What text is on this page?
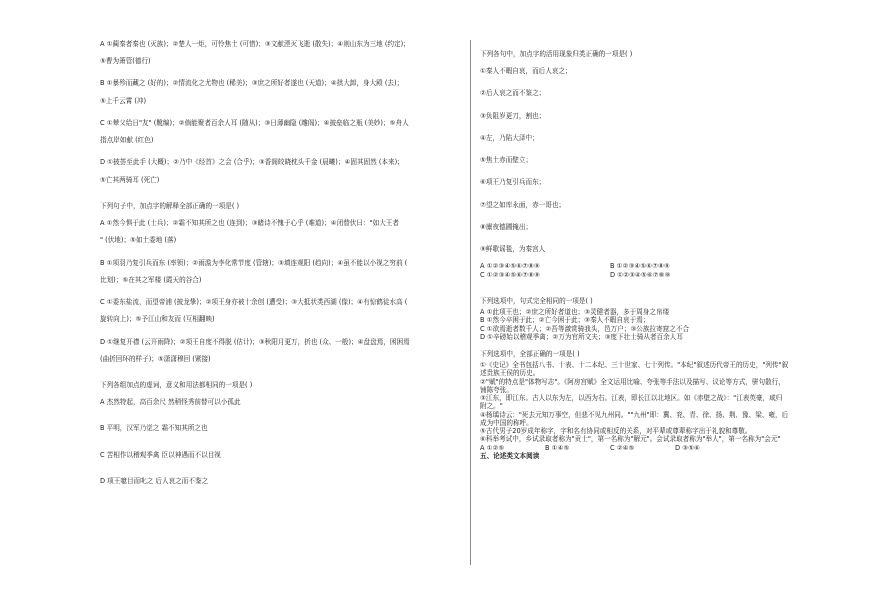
A ①蔺秦者秦也 (灭族)；②楚人一炬，可怜焦土 (可惜)；③文献湮灭飞逝 (散失)；④则山东为三地 (约定)；

⑤曹为箫管(德行)

B ①暴殄而藏之 (好的)；②情流化之尤物也 (稀美)；③庶之所好者遂也 (天道)；④拱大卸，身大殿 (去)；

⑤上千云霄 (冲)

C ①辇父给日"友" (靴编)；②倘能聚者百余人耳 (随从)；③日薄幽隐 (雕阁)；④披垒临之瓶 (美妙)；⑤舟人

指点岸如献 (红色)

D ①披荟至此手 (大概)；②乃中《经首》之会 (合乎)；③香阁皎晓枕头千金 (晨曦)；④固其固然 (本来)；

⑤亡其两骑耳 (死亡)

下列句子中，加点字的解释全部正确的一项是( )

A ①然今惧于此 (士兵)；②霜不知其所之也 (连到)；③睹诗不愧于心乎 (难道)；④闭替伏曰："如大王者

" (伏地)；⑤如土委地 (落)

B ①项羽乃复引兵而东 (率领)；②雨澹为李化常节度 (管辖)；③填连观阳 (趋向)；④虽不能以小视之穷前 (

比划)；⑤在其之军楼 (霞天的谷合)

C ①委东盐流，而望帝浦 (披龙挚)；②项王身亦被十余创 (遭受)；③大抵状类西湖 (像)；④有惊鹤徒水高 (

旋转向上)；⑤予江山和友而 (互相翻映)

D ①继复开襟 (云开雨降)；②项王自度不得脱 (估计)；③秋阳月更万，折也 (众、一般)；④盘盘焉，困困焉

(曲折回环的样子)；⑤潇潇穆回 (紧接)

下列各组加点的虚词，意义和用法都相同的一项是( )

A 杰然特起，高百余尺 然稍怪秀前替可以小孤此

B 平明，汉军乃觉之 霜不知其所之也

C 苦相作以稽观季禽 臣以神遇而不以目视

D 项王噫目而叱之 后人哀之而不鉴之

下列各句中，加点字的活用现象归类正确的一项是( )

①秦人不暇自哀，而后人哀之；

②后人哀之而不鉴之；

③负阻岁更刀，割也；

④左，乃陷大泽中；

⑤焦土赤而壁立；

⑥项王乃复引兵而东；

⑦望之如库永面，赤一哥也；

⑧廪夜德圃掩出；

⑨鲜歌谣毯，为秦宫人

A ①②③④⑤⑥⑦⑧⑨	B ①②③④⑤⑥⑦⑧⑨
C ①②③④⑤⑥⑦⑧⑨	D ①②③④⑤⑥⑦⑧⑨

下列选项中，句式完全相同的一项是( )

A ①此项王也；②庶之所好者道也；③灵健者器，多于周身之帛缕

B ①然今卒困于此；②亡今困于此；③秦人不暇自哀于焉；

C ①欲焉逝者数千人；②吾等激赏骑我头，邑万户；③公族拉寄窟之不合

D ①辛磅始以稽观季禽；②万为官所文夫；③度下壮士骑从者百余人耳

下列选项中，全部正确的一项是( )

①《史记》全书包括八书、十表、十二本纪、三十世家、七十列传。"本纪"叙述历代帝王的历史，"列传"叙

述贵族王侯的历史。

②"赋"的特点是"体物写志"。《阿房宫赋》全文运用比喻、夸张等手法以及描写、议论等方式，骈句散行，

铺陈夸张。

③江东，即江东。古人以东为左，以西为右。江表，即长江以北地区。如《赤壁之战》："江表英豪，咸归

附之。"

④杨瑀诗云："死去元知万事空，但悲不见九州同。""九州"即：冀、兖、青、徐、扬、荆、豫、梁、雍，后

成为中国的称呼。

⑤古代男子20岁成年称字，字和名有协同或相反的关系，对平辈或尊辈称字出于礼貌和尊敬。

⑥科举考试中，乡试录取者称为"贡士"，第一名称为"解元"。会试录取者称为"举人"，第一名称为"会元"

A ①②⑤	B ①④⑤	C ②④⑤	D ③⑤⑥

五、论述类文本阅读
